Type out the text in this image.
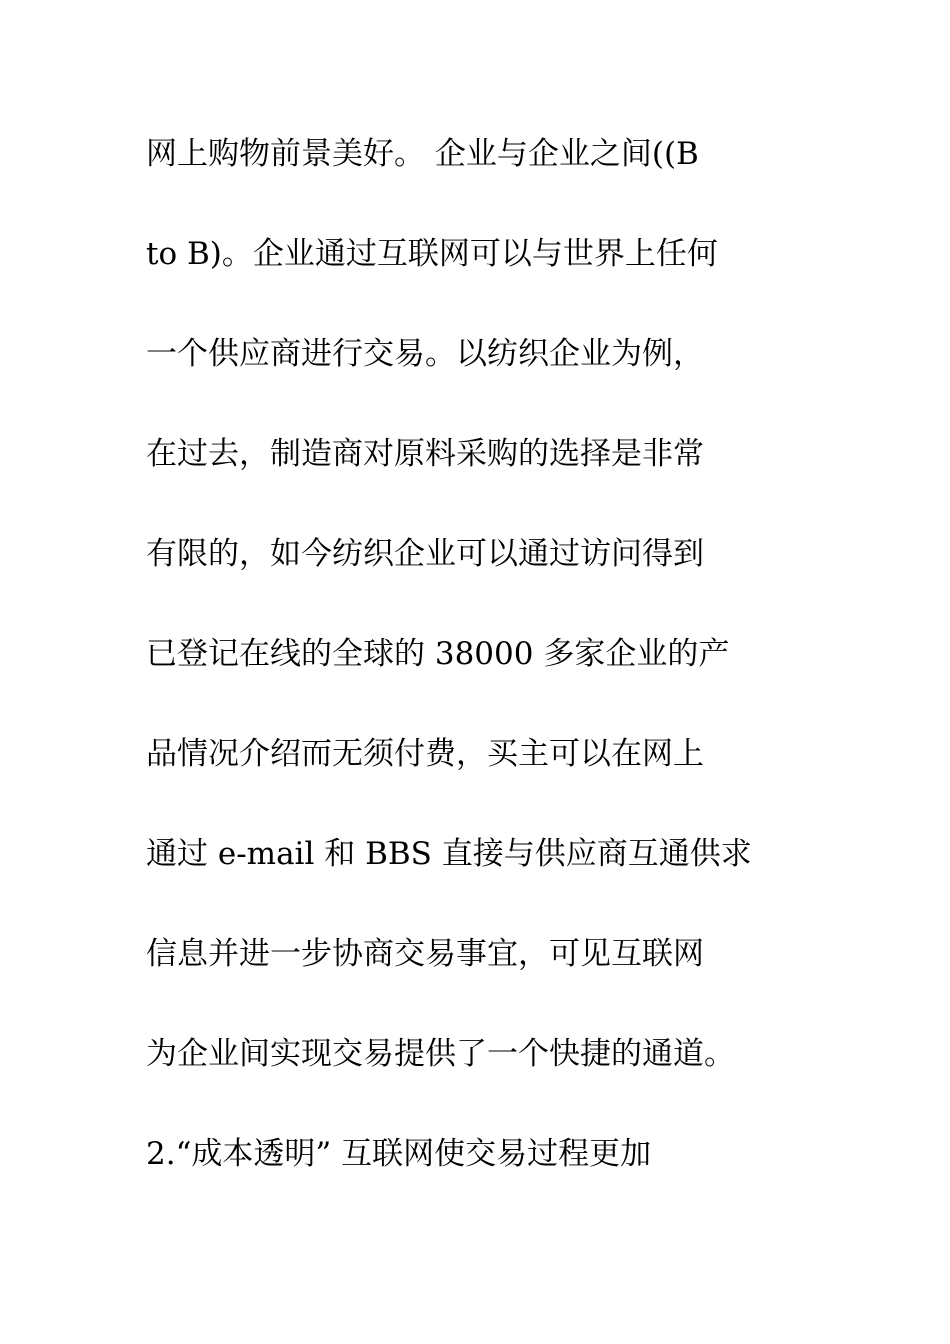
网上购物前景美好。 企业与企业之间((B
to B)。企业通过互联网可以与世界上任何
一个供应商进行交易。以纺织企业为例，
在过去，制造商对原料采购的选择是非常
有限的，如今纺织企业可以通过访问得到
已登记在线的全球的 38000 多家企业的产
品情况介绍而无须付费，买主可以在网上
通过 e-mail 和 BBS 直接与供应商互通供求
信息并进一步协商交易事宜，可见互联网
为企业间实现交易提供了一个快捷的通道。
2.“成本透明” 互联网使交易过程更加
